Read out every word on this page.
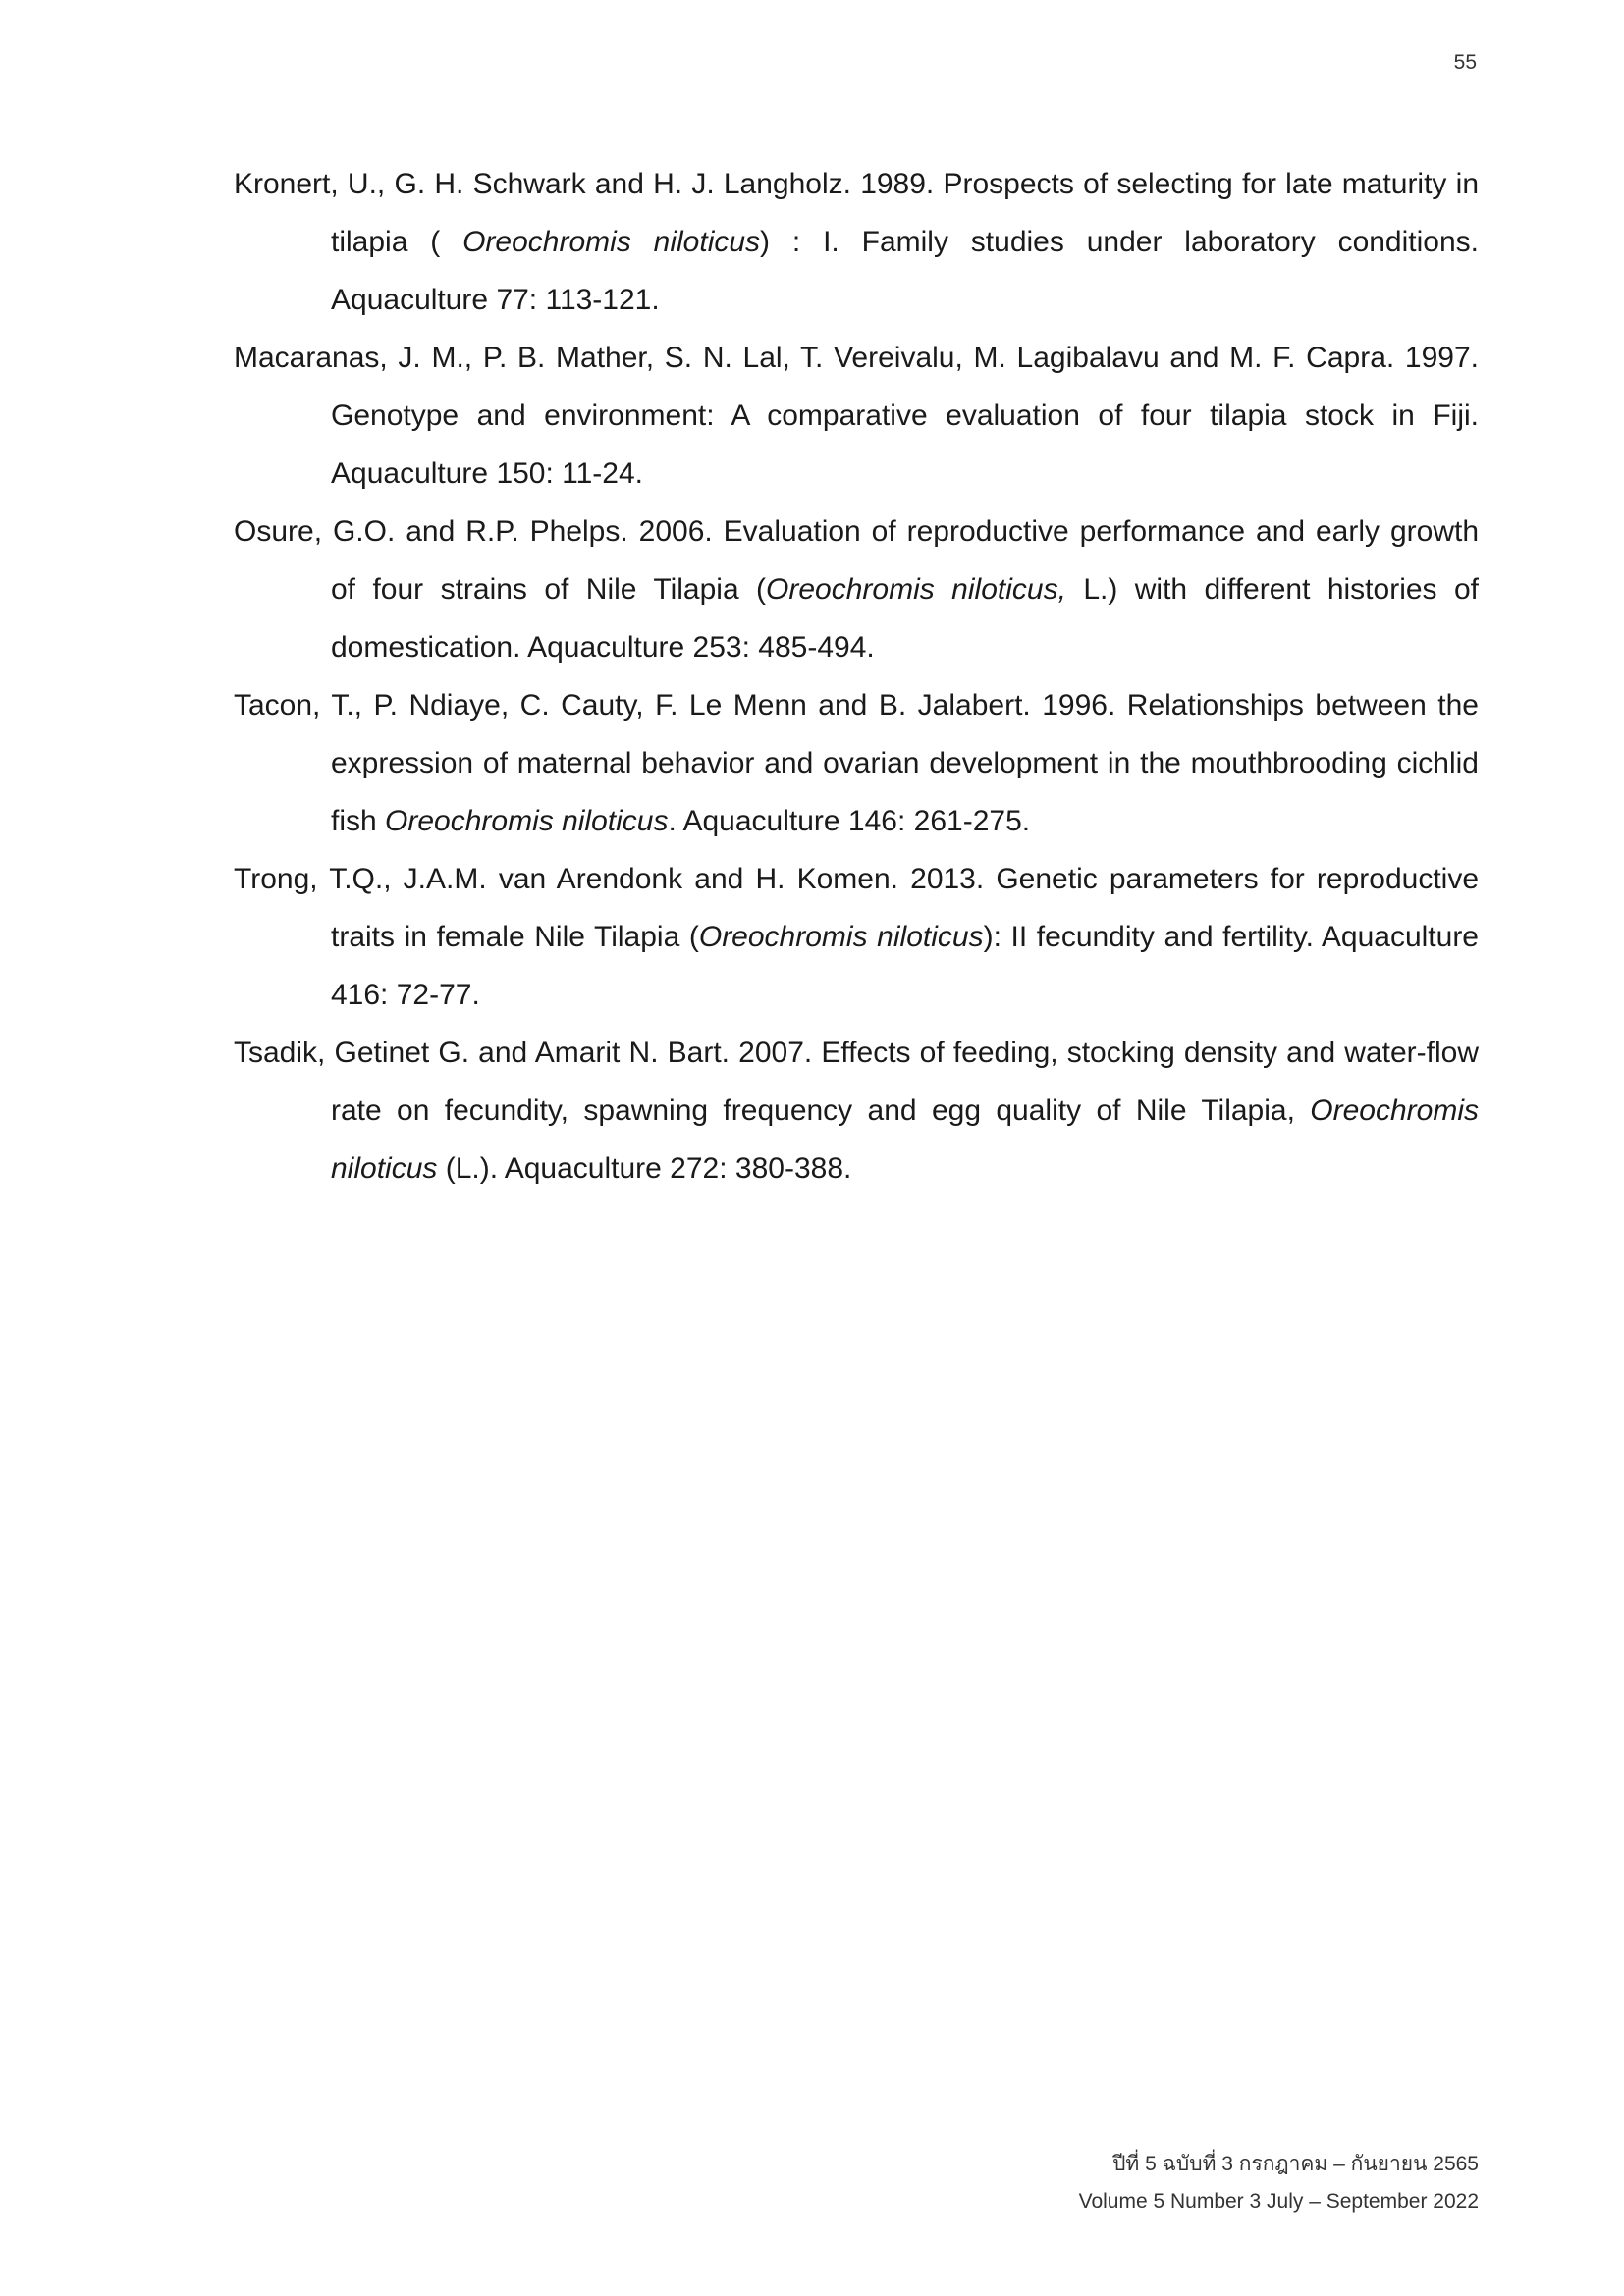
55

Kronert, U., G. H. Schwark and H. J. Langholz. 1989. Prospects of selecting for late maturity in tilapia ( Oreochromis niloticus) : I. Family studies under laboratory conditions. Aquaculture 77: 113-121.

Macaranas, J. M., P. B. Mather, S. N. Lal, T. Vereivalu, M. Lagibalavu and M. F. Capra. 1997. Genotype and environment: A comparative evaluation of four tilapia stock in Fiji. Aquaculture 150: 11-24.

Osure, G.O. and R.P. Phelps. 2006. Evaluation of reproductive performance and early growth of four strains of Nile Tilapia (Oreochromis niloticus, L.) with different histories of domestication. Aquaculture 253: 485-494.

Tacon, T., P. Ndiaye, C. Cauty, F. Le Menn and B. Jalabert. 1996. Relationships between the expression of maternal behavior and ovarian development in the mouthbrooding cichlid fish Oreochromis niloticus. Aquaculture 146: 261-275.

Trong, T.Q., J.A.M. van Arendonk and H. Komen. 2013. Genetic parameters for reproductive traits in female Nile Tilapia (Oreochromis niloticus): II fecundity and fertility. Aquaculture 416: 72-77.

Tsadik, Getinet G. and Amarit N. Bart. 2007. Effects of feeding, stocking density and water-flow rate on fecundity, spawning frequency and egg quality of Nile Tilapia, Oreochromis niloticus (L.). Aquaculture 272: 380-388.

ปีที่ 5 ฉบับที่ 3 กรกฎาคม – กันยายน 2565
Volume 5 Number 3 July – September 2022
